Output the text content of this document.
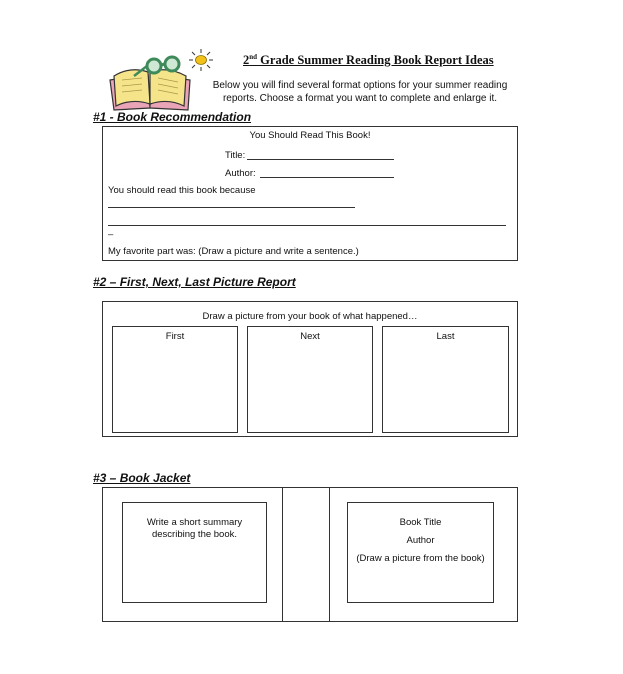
2nd Grade Summer Reading Book Report Ideas
Below you will find several format options for your summer reading reports. Choose a format you want to complete and enlarge it.
#1 - Book Recommendation
You Should Read This Book!
Title:
Author:
You should read this book because
–
My favorite part was: (Draw a picture and write a sentence.)
#2 – First, Next, Last Picture Report
Draw a picture from your book of what happened…
First	Next	Last
#3 – Book Jacket
Write a short summary describing the book.
Book Title
Author
(Draw a picture from the book)
